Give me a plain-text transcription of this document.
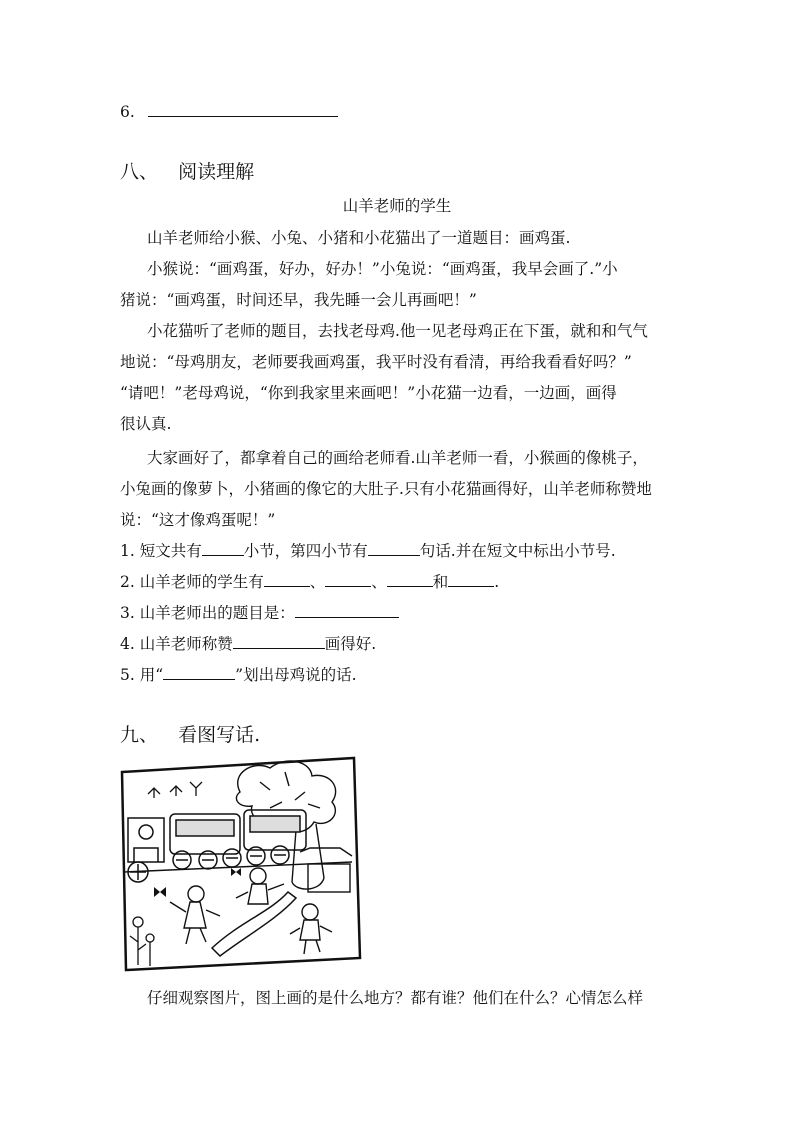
6.
八、 阅读理解
山羊老师的学生
山羊老师给小猴、小兔、小猪和小花猫出了一道题目：画鸡蛋.
小猴说：“画鸡蛋，好办，好办！”小兔说：“画鸡蛋，我早会画了.”小
猪说：“画鸡蛋，时间还早，我先睡一会儿再画吧！”
小花猫听了老师的题目，去找老母鸡.他一见老母鸡正在下蛋，就和和气气
地说：“母鸡朋友，老师要我画鸡蛋，我平时没有看清，再给我看看好吗？”
“请吧！”老母鸡说，“你到我家里来画吧！”小花猫一边看，一边画，画得
很认真.
大家画好了，都拿着自己的画给老师看.山羊老师一看，小猴画的像桃子，
小兔画的像萝卜，小猪画的像它的大肚子.只有小花猫画得好，山羊老师称赞地
说：“这才像鸡蛋呢！”
1. 短文共有	小节，第四小节有	句话.并在短文中标出小节号.
2. 山羊老师的学生有	、	、	和	.
3. 山羊老师出的题目是：
4. 山羊老师称赞	画得好.
5. 用“	”划出母鸡说的话.
九、 看图写话.
仔细观察图片，图上画的是什么地方？都有谁？他们在什么？心情怎么样
